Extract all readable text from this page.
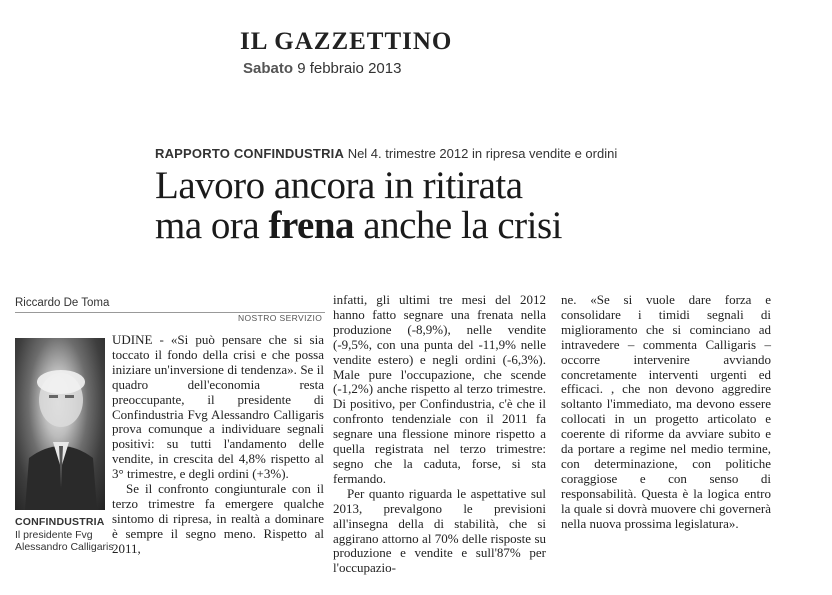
IL GAZZETTINO
Sabato 9 febbraio 2013
RAPPORTO CONFINDUSTRIA Nel 4. trimestre 2012 in ripresa vendite e ordini
Lavoro ancora in ritirata
ma ora frena anche la crisi
Riccardo De Toma
NOSTRO SERVIZIO
CONFINDUSTRIA
Il presidente Fvg Alessandro Calligaris

UDINE - «Si può pensare che si sia toccato il fondo della crisi e che possa iniziare un'inversione di tendenza». Se il quadro dell'economia resta preoccupante, il presidente di Confindustria Fvg Alessandro Calligaris prova comunque a individuare segnali positivi: su tutti l'andamento delle vendite, in crescita del 4,8% rispetto al 3° trimestre, e degli ordini (+3%).

Se il confronto congiunturale con il terzo trimestre fa emergere qualche sintomo di ripresa, in realtà a dominare è sempre il segno meno. Rispetto al 2011,

infatti, gli ultimi tre mesi del 2012 hanno fatto segnare una frenata nella produzione (-8,9%), nelle vendite (-9,5%, con una punta del -11,9% nelle vendite estero) e negli ordini (-6,3%). Male pure l'occupazione, che scende (-1,2%) anche rispetto al terzo trimestre. Di positivo, per Confindustria, c'è che il confronto tendenziale con il 2011 fa segnare una flessione minore rispetto a quella registrata nel terzo trimestre: segno che la caduta, forse, si sta fermando.

Per quanto riguarda le aspettative sul 2013, prevalgono le previsioni all'insegna della di stabilità, che si aggirano attorno al 70% delle risposte su produzione e vendite e sull'87% per l'occupazio-

ne. «Se si vuole dare forza e consolidare i timidi segnali di miglioramento che si cominciano ad intravedere – commenta Calligaris – occorre intervenire avviando concretamente interventi urgenti ed efficaci. , che non devono aggredire soltanto l'immediato, ma devono essere collocati in un progetto articolato e coerente di riforme da avviare subito e da portare a regime nel medio termine, con determinazione, con politiche coraggiose e con senso di responsabilità. Questa è la logica entro la quale si dovrà muovere chi governerà nella nuova prossima legislatura».
